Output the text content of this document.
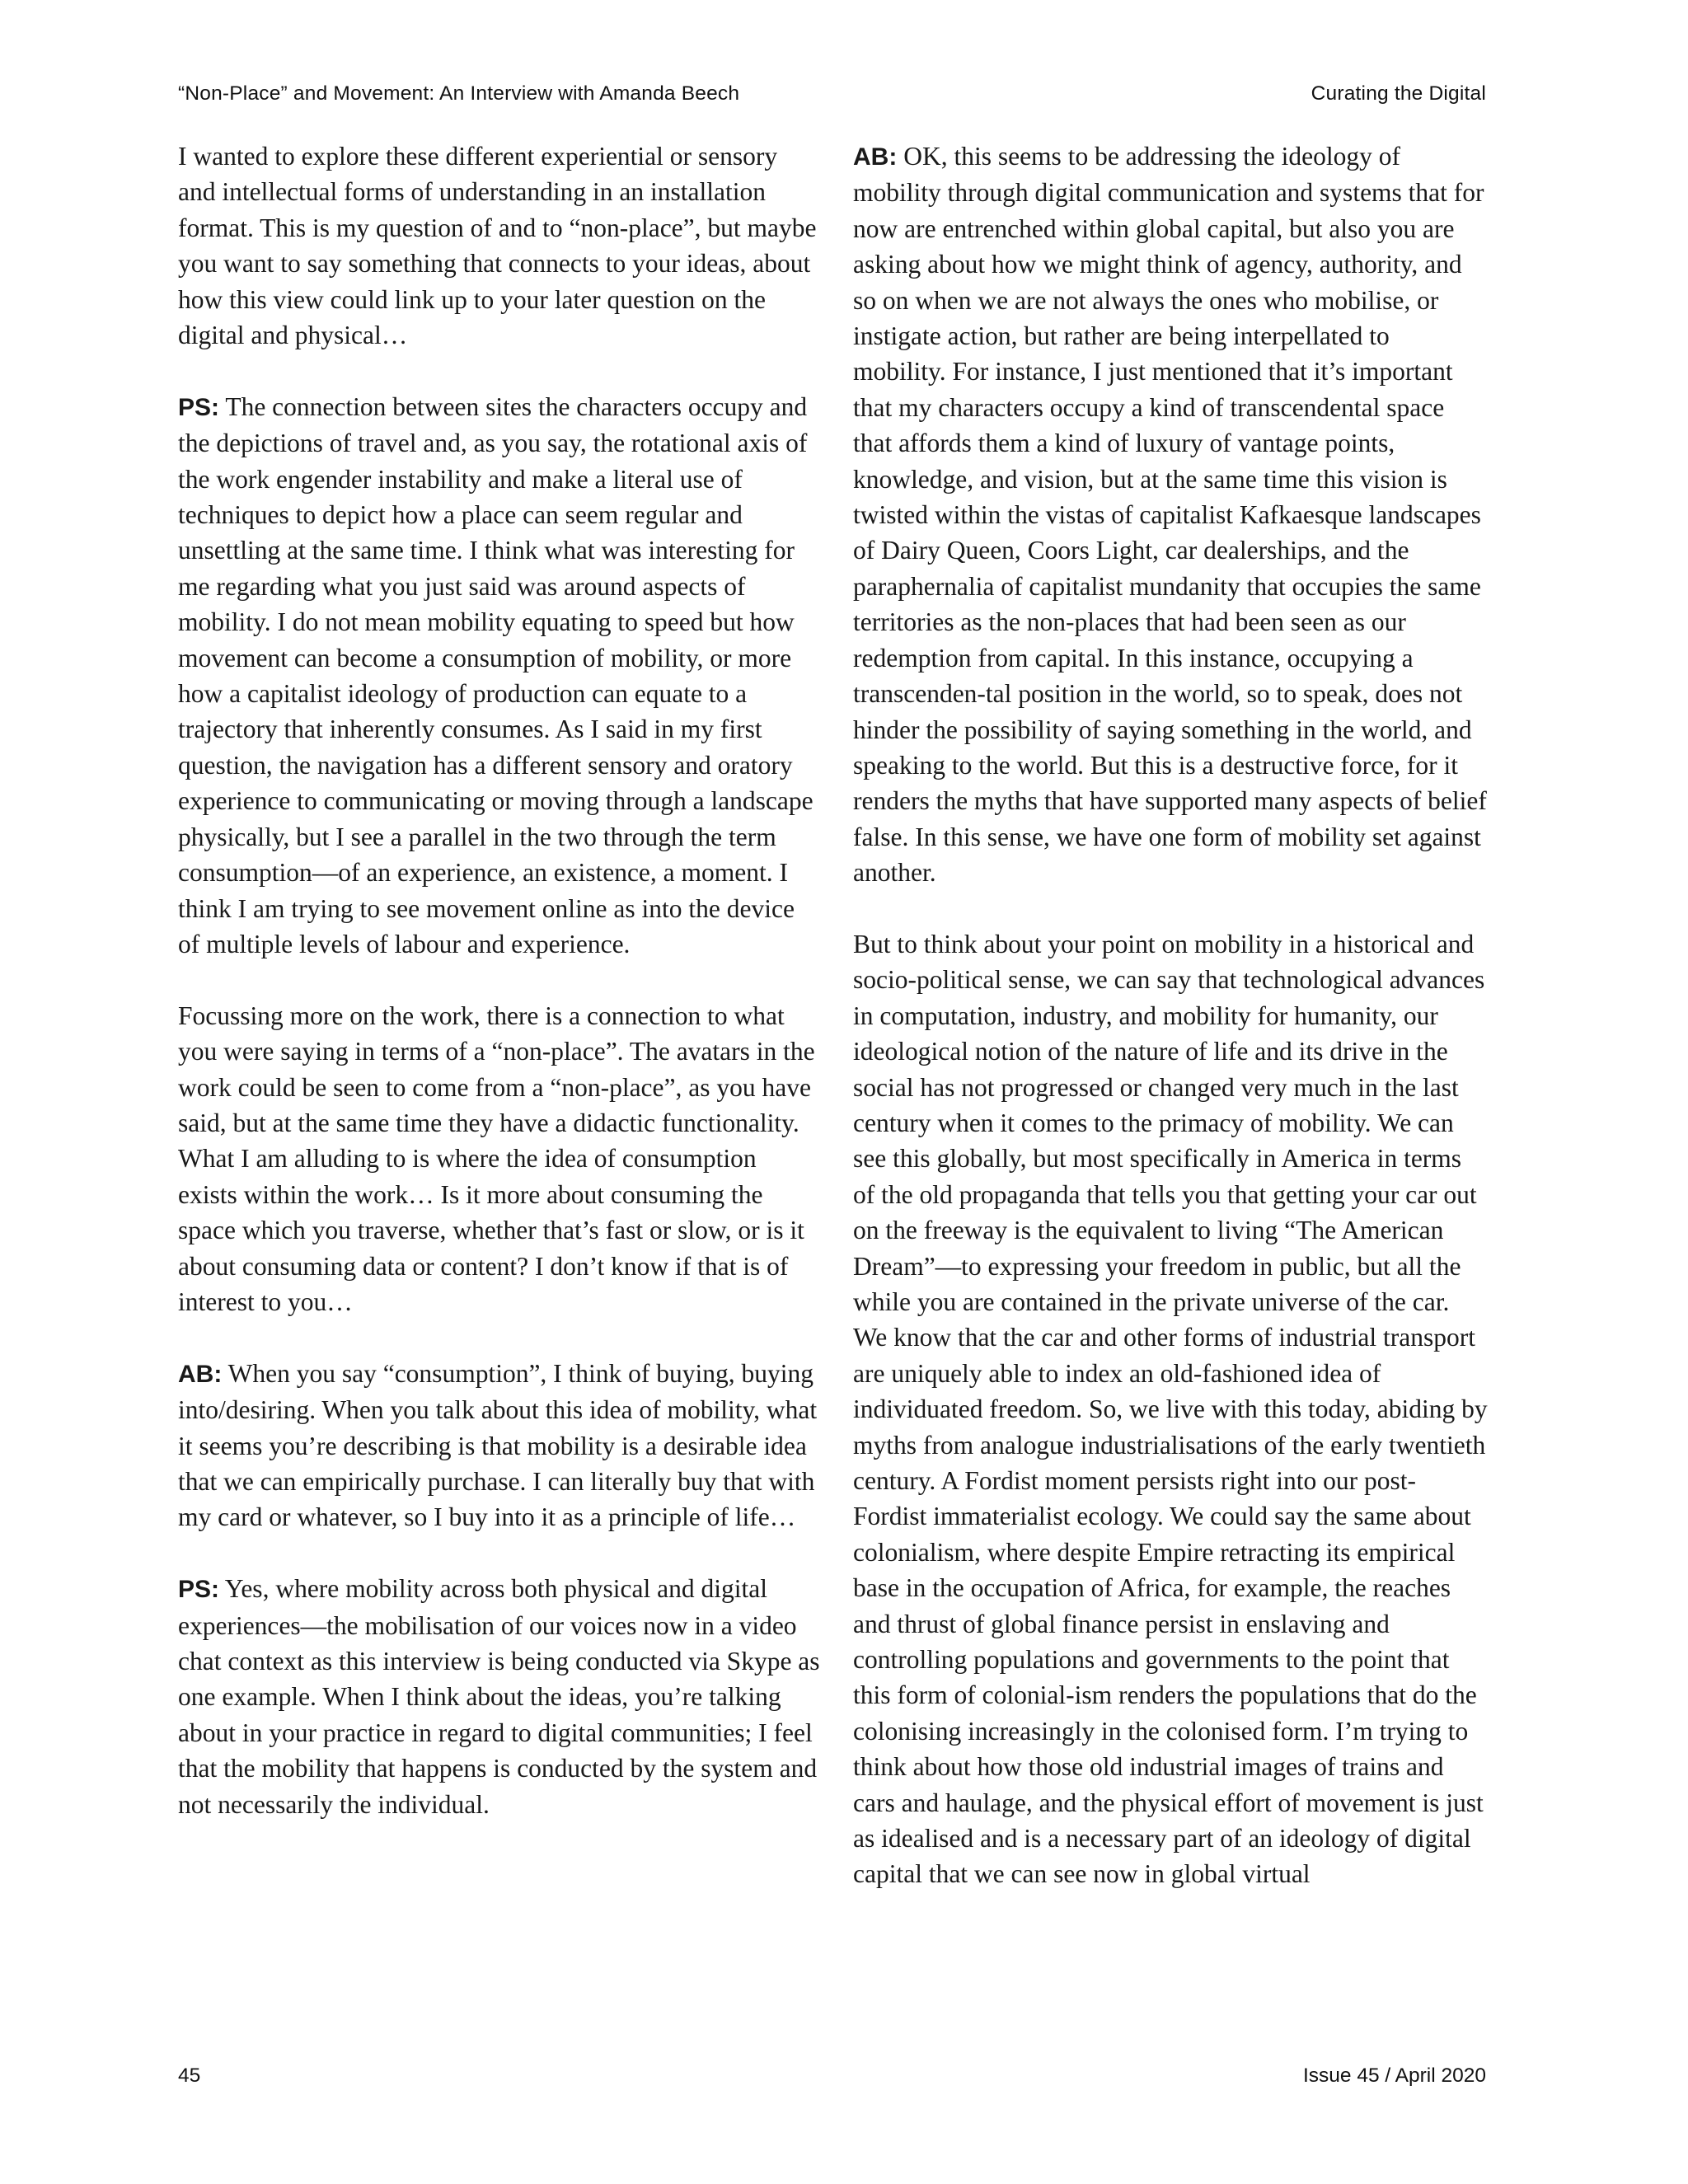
“Non-Place” and Movement: An Interview with Amanda Beech	Curating the Digital

I wanted to explore these different experiential or sensory and intellectual forms of understanding in an installation format. This is my question of and to “non-place”, but maybe you want to say something that connects to your ideas, about how this view could link up to your later question on the digital and physical…

PS: The connection between sites the characters occupy and the depictions of travel and, as you say, the rotational axis of the work engender instability and make a literal use of techniques to depict how a place can seem regular and unsettling at the same time. I think what was interesting for me regarding what you just said was around aspects of mobility. I do not mean mobility equating to speed but how movement can become a consumption of mobility, or more how a capitalist ideology of production can equate to a trajectory that inherently consumes. As I said in my first question, the navigation has a different sensory and oratory experience to communicating or moving through a landscape physically, but I see a parallel in the two through the term consumption—of an experience, an existence, a moment. I think I am trying to see movement online as into the device of multiple levels of labour and experience.

Focussing more on the work, there is a connection to what you were saying in terms of a “non-place”. The avatars in the work could be seen to come from a “non-place”, as you have said, but at the same time they have a didactic functionality. What I am alluding to is where the idea of consumption exists within the work… Is it more about consuming the space which you traverse, whether that’s fast or slow, or is it about consuming data or content? I don’t know if that is of interest to you…

AB: When you say “consumption”, I think of buying, buying into/desiring. When you talk about this idea of mobility, what it seems you’re describing is that mobility is a desirable idea that we can empirically purchase. I can literally buy that with my card or whatever, so I buy into it as a principle of life…

PS: Yes, where mobility across both physical and digital experiences—the mobilisation of our voices now in a video chat context as this interview is being conducted via Skype as one example. When I think about the ideas, you’re talking about in your practice in regard to digital communities; I feel that the mobility that happens is conducted by the system and not necessarily the individual.

AB: OK, this seems to be addressing the ideology of mobility through digital communication and systems that for now are entrenched within global capital, but also you are asking about how we might think of agency, authority, and so on when we are not always the ones who mobilise, or instigate action, but rather are being interpellated to mobility. For instance, I just mentioned that it’s important that my characters occupy a kind of transcendental space that affords them a kind of luxury of vantage points, knowledge, and vision, but at the same time this vision is twisted within the vistas of capitalist Kafkaesque landscapes of Dairy Queen, Coors Light, car dealerships, and the paraphernalia of capitalist mundanity that occupies the same territories as the non-places that had been seen as our redemption from capital. In this instance, occupying a transcenden-tal position in the world, so to speak, does not hinder the possibility of saying something in the world, and speaking to the world. But this is a destructive force, for it renders the myths that have supported many aspects of belief false. In this sense, we have one form of mobility set against another.

But to think about your point on mobility in a historical and socio-political sense, we can say that technological advances in computation, industry, and mobility for humanity, our ideological notion of the nature of life and its drive in the social has not progressed or changed very much in the last century when it comes to the primacy of mobility. We can see this globally, but most specifically in America in terms of the old propaganda that tells you that getting your car out on the freeway is the equivalent to living “The American Dream”—to expressing your freedom in public, but all the while you are contained in the private universe of the car. We know that the car and other forms of industrial transport are uniquely able to index an old-fashioned idea of individuated freedom. So, we live with this today, abiding by myths from analogue industrialisations of the early twentieth century. A Fordist moment persists right into our post-Fordist immaterialist ecology. We could say the same about colonialism, where despite Empire retracting its empirical base in the occupation of Africa, for example, the reaches and thrust of global finance persist in enslaving and controlling populations and governments to the point that this form of colonial-ism renders the populations that do the colonising increasingly in the colonised form. I’m trying to think about how those old industrial images of trains and cars and haulage, and the physical effort of movement is just as idealised and is a necessary part of an ideology of digital capital that we can see now in global virtual

45	Issue 45 / April 2020
